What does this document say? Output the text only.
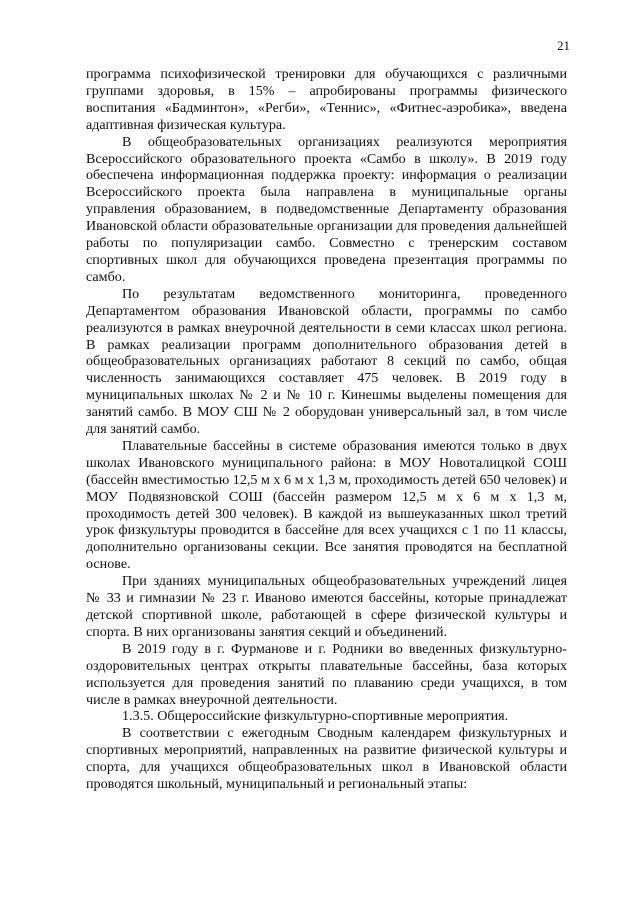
21

программа психофизической тренировки для обучающихся с различными группами здоровья, в 15% – апробированы программы физического воспитания «Бадминтон», «Регби», «Теннис», «Фитнес-аэробика», введена адаптивная физическая культура.

В общеобразовательных организациях реализуются мероприятия Всероссийского образовательного проекта «Самбо в школу». В 2019 году обеспечена информационная поддержка проекту: информация о реализации Всероссийского проекта была направлена в муниципальные органы управления образованием, в подведомственные Департаменту образования Ивановской области образовательные организации для проведения дальнейшей работы по популяризации самбо. Совместно с тренерским составом спортивных школ для обучающихся проведена презентация программы по самбо.

По результатам ведомственного мониторинга, проведенного Департаментом образования Ивановской области, программы по самбо реализуются в рамках внеурочной деятельности в семи классах школ региона. В рамках реализации программ дополнительного образования детей в общеобразовательных организациях работают 8 секций по самбо, общая численность занимающихся составляет 475 человек. В 2019 году в муниципальных школах № 2 и № 10 г. Кинешмы выделены помещения для занятий самбо. В МОУ СШ № 2 оборудован универсальный зал, в том числе для занятий самбо.

Плавательные бассейны в системе образования имеются только в двух школах Ивановского муниципального района: в МОУ Новоталицкой СОШ (бассейн вместимостью 12,5 м х 6 м х 1,3 м, проходимость детей 650 человек) и МОУ Подвязновской СОШ (бассейн размером 12,5 м х 6 м х 1,3 м, проходимость детей 300 человек). В каждой из вышеуказанных школ третий урок физкультуры проводится в бассейне для всех учащихся с 1 по 11 классы, дополнительно организованы секции. Все занятия проводятся на бесплатной основе.

При зданиях муниципальных общеобразовательных учреждений лицея № 33 и гимназии № 23 г. Иваново имеются бассейны, которые принадлежат детской спортивной школе, работающей в сфере физической культуры и спорта. В них организованы занятия секций и объединений.

В 2019 году в г. Фурманове и г. Родники во введенных физкультурно-оздоровительных центрах открыты плавательные бассейны, база которых используется для проведения занятий по плаванию среди учащихся, в том числе в рамках внеурочной деятельности.

1.3.5. Общероссийские физкультурно-спортивные мероприятия.

В соответствии с ежегодным Сводным календарем физкультурных и спортивных мероприятий, направленных на развитие физической культуры и спорта, для учащихся общеобразовательных школ в Ивановской области проводятся школьный, муниципальный и региональный этапы:
